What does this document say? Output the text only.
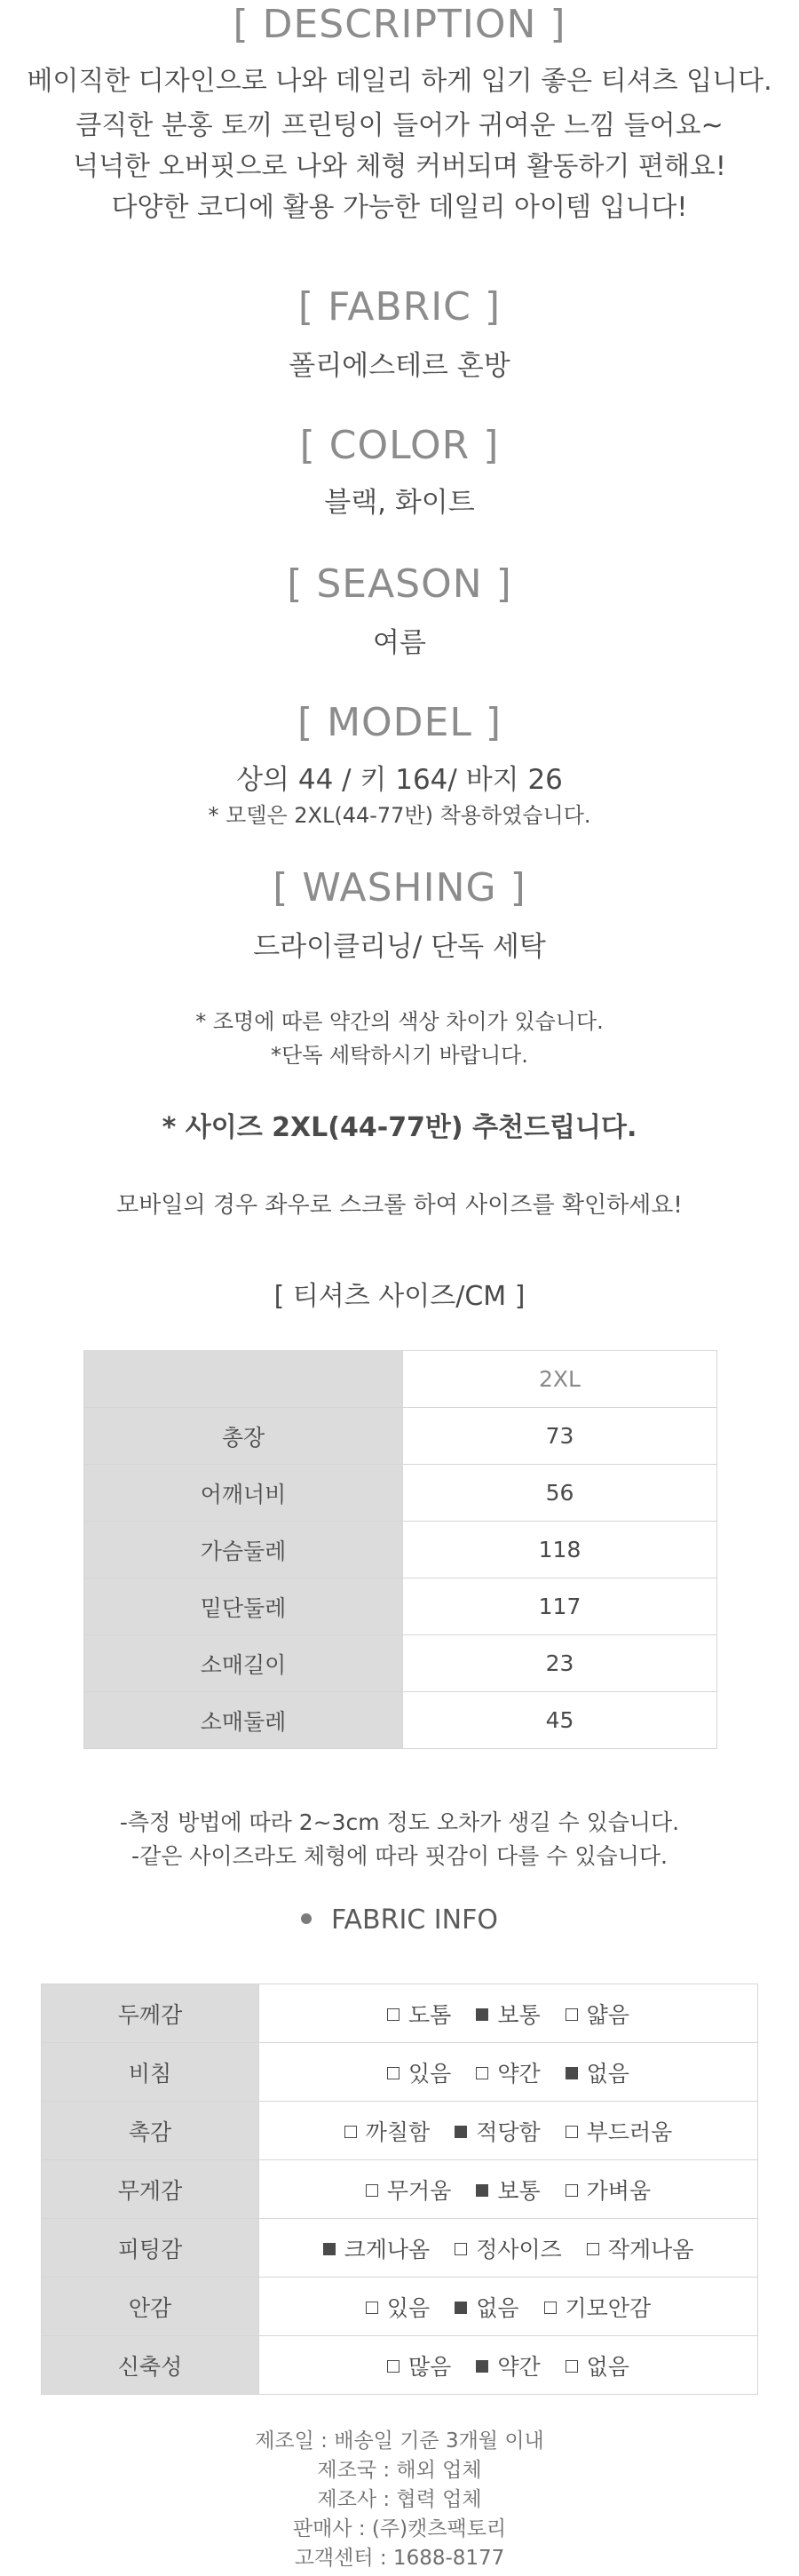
[ DESCRIPTION ]
베이직한 디자인으로 나와 데일리 하게 입기 좋은 티셔츠 입니다.
큼직한 분홍 토끼 프린팅이 들어가 귀여운 느낌 들어요~
넉넉한 오버핏으로 나와 체형 커버되며 활동하기 편해요!
다양한 코디에 활용 가능한 데일리 아이템 입니다!
[ FABRIC ]
폴리에스테르 혼방
[ COLOR ]
블랙, 화이트
[ SEASON ]
여름
[ MODEL ]
상의 44 / 키 164/ 바지 26
* 모델은 2XL(44-77반) 착용하였습니다.
[ WASHING ]
드라이클리닝/ 단독 세탁
* 조명에 따른 약간의 색상 차이가 있습니다.
*단독 세탁하시기 바랍니다.
* 사이즈 2XL(44-77반) 추천드립니다.
모바일의 경우 좌우로 스크롤 하여 사이즈를 확인하세요!
[ 티셔츠 사이즈/CM ]
	2XL
총장	73
어깨너비	56
가슴둘레	118
밑단둘레	117
소매길이	23
소매둘레	45
-측정 방법에 따라 2~3cm 정도 오차가 생길 수 있습니다.
-같은 사이즈라도 체형에 따라 핏감이 다를 수 있습니다.
FABRIC INFO
두께감	도톰 보통 얇음
비침	있음 약간 없음
촉감	까칠함 적당함 부드러움
무게감	무거움 보통 가벼움
피팅감	크게나옴 정사이즈 작게나옴
안감	있음 없음 기모안감
신축성	많음 약간 없음
제조일 : 배송일 기준 3개월 이내
제조국 : 해외 업체
제조사 : 협력 업체
판매사 : (주)캣츠팩토리
고객센터 : 1688-8177
